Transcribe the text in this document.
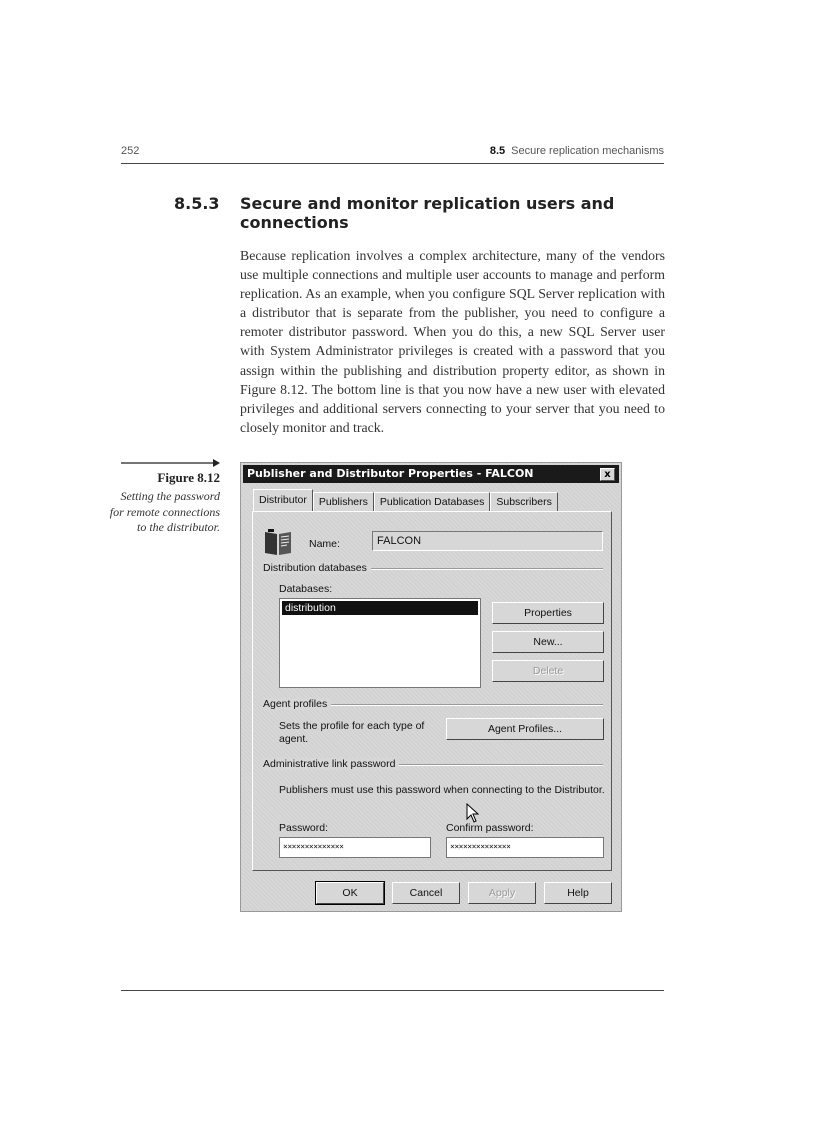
252	8.5 Secure replication mechanisms
8.5.3 Secure and monitor replication users and connections
Because replication involves a complex architecture, many of the vendors use multiple connections and multiple user accounts to manage and perform replication. As an example, when you configure SQL Server replication with a distributor that is separate from the publisher, you need to configure a remoter distributor password. When you do this, a new SQL Server user with System Administrator privileges is created with a password that you assign within the publishing and distribution property editor, as shown in Figure 8.12. The bottom line is that you now have a new user with elevated privileges and additional servers connecting to your server that you need to closely monitor and track.
Figure 8.12
Setting the password for remote connections to the distributor.
Publisher and Distributor Properties - FALCON	x
Distributor	Publishers	Publication Databases	Subscribers
Name:	FALCON
Distribution databases
Databases:
distribution	Properties
New...
Delete
Agent profiles
Sets the profile for each type of agent.
Agent Profiles...
Administrative link password
Publishers must use this password when connecting to the Distributor.
Password:
××××××××××××××
Confirm password:
××××××××××××××
OK	Cancel	Apply	Help
